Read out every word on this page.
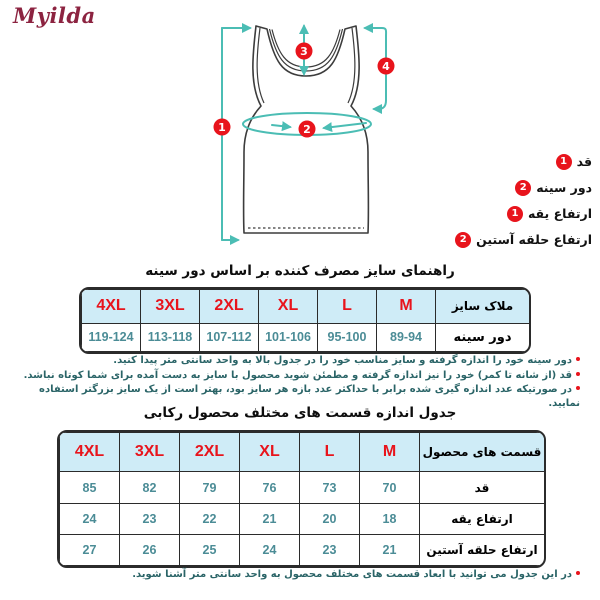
Myilda
1	2
3
4
1 قد
2 دور سینه
1 ارتفاع یقه
2 ارتفاع حلقه آستین
راهنمای سایز مصرف کننده بر اساس دور سینه
4XL	3XL	2XL	XL	L	M	ملاک سایز
119-124	113-118	107-112	101-106	95-100	89-94	دور سینه
دور سینه خود را اندازه گرفته و سایز مناسب خود را در جدول بالا به واحد سانتی متر پیدا کنید.
قد (از شانه تا کمر) خود را نیز اندازه گرفته و مطمئن شوید محصول با سایز به دست آمده برای شما کوتاه نباشد.
در صورتیکه عدد اندازه گیری شده برابر با حداکثر عدد بازه هر سایز بود، بهتر است از یک سایز بزرگتر استفاده نمایید.
جدول اندازه قسمت های مختلف محصول رکابی
4XL	3XL	2XL	XL	L	M	قسمت های محصول
85	82	79	76	73	70	قد
24	23	22	21	20	18	ارتفاع یقه
27	26	25	24	23	21	ارتفاع حلقه آستین
در این جدول می توانید با ابعاد قسمت های مختلف محصول به واحد سانتی متر آشنا شوید.
